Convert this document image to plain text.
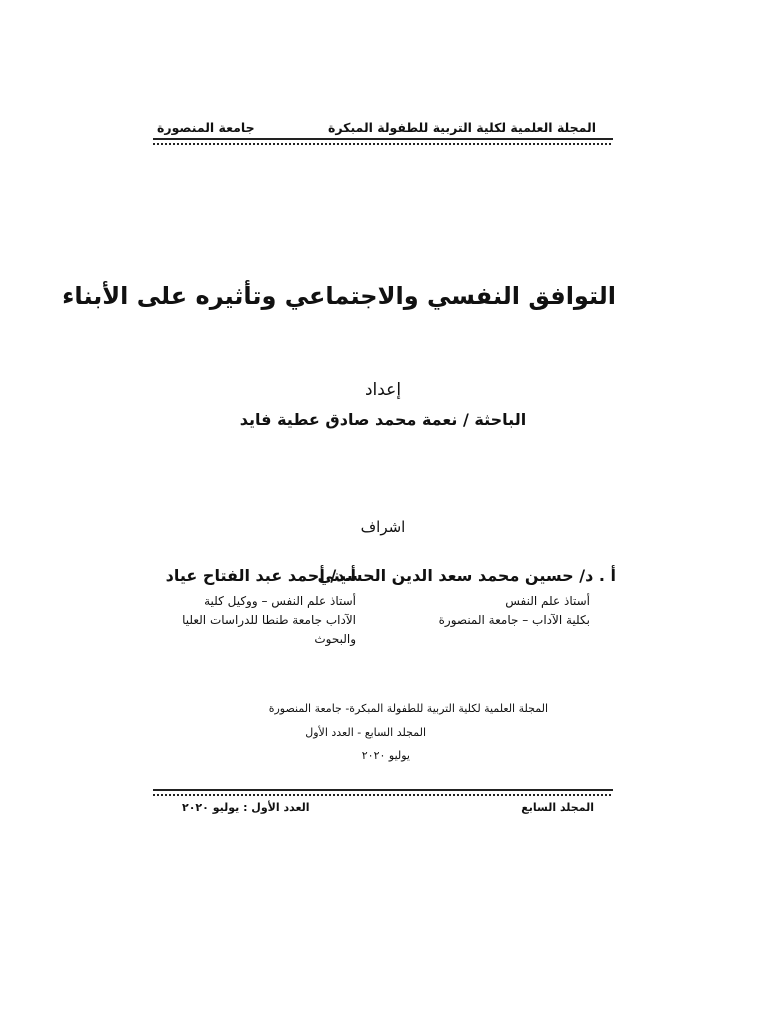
المجلة العلمية لكلية التربية للطفولة المبكرة
جامعة المنصورة
التوافق النفسي والاجتماعي وتأثيره على الأبناء
إعداد
الباحثة / نعمة محمد صادق عطية فايد
اشراف
أ . د/ حسين محمد سعد الدين الحسيني
أستاذ علم النفس
بكلية الآداب – جامعة المنصورة
أ.د/ أحمد عبد الفتاح عياد
أستاذ علم النفس – ووكيل كلية
الآداب جامعة طنطا للدراسات العليا
والبحوث
المجلة العلمية لكلية التربية للطفولة المبكرة- جامعة المنصورة
المجلد السابع - العدد الأول
يوليو ٢٠٢٠
المجلد السابع
العدد الأول : يوليو ٢٠٢٠
